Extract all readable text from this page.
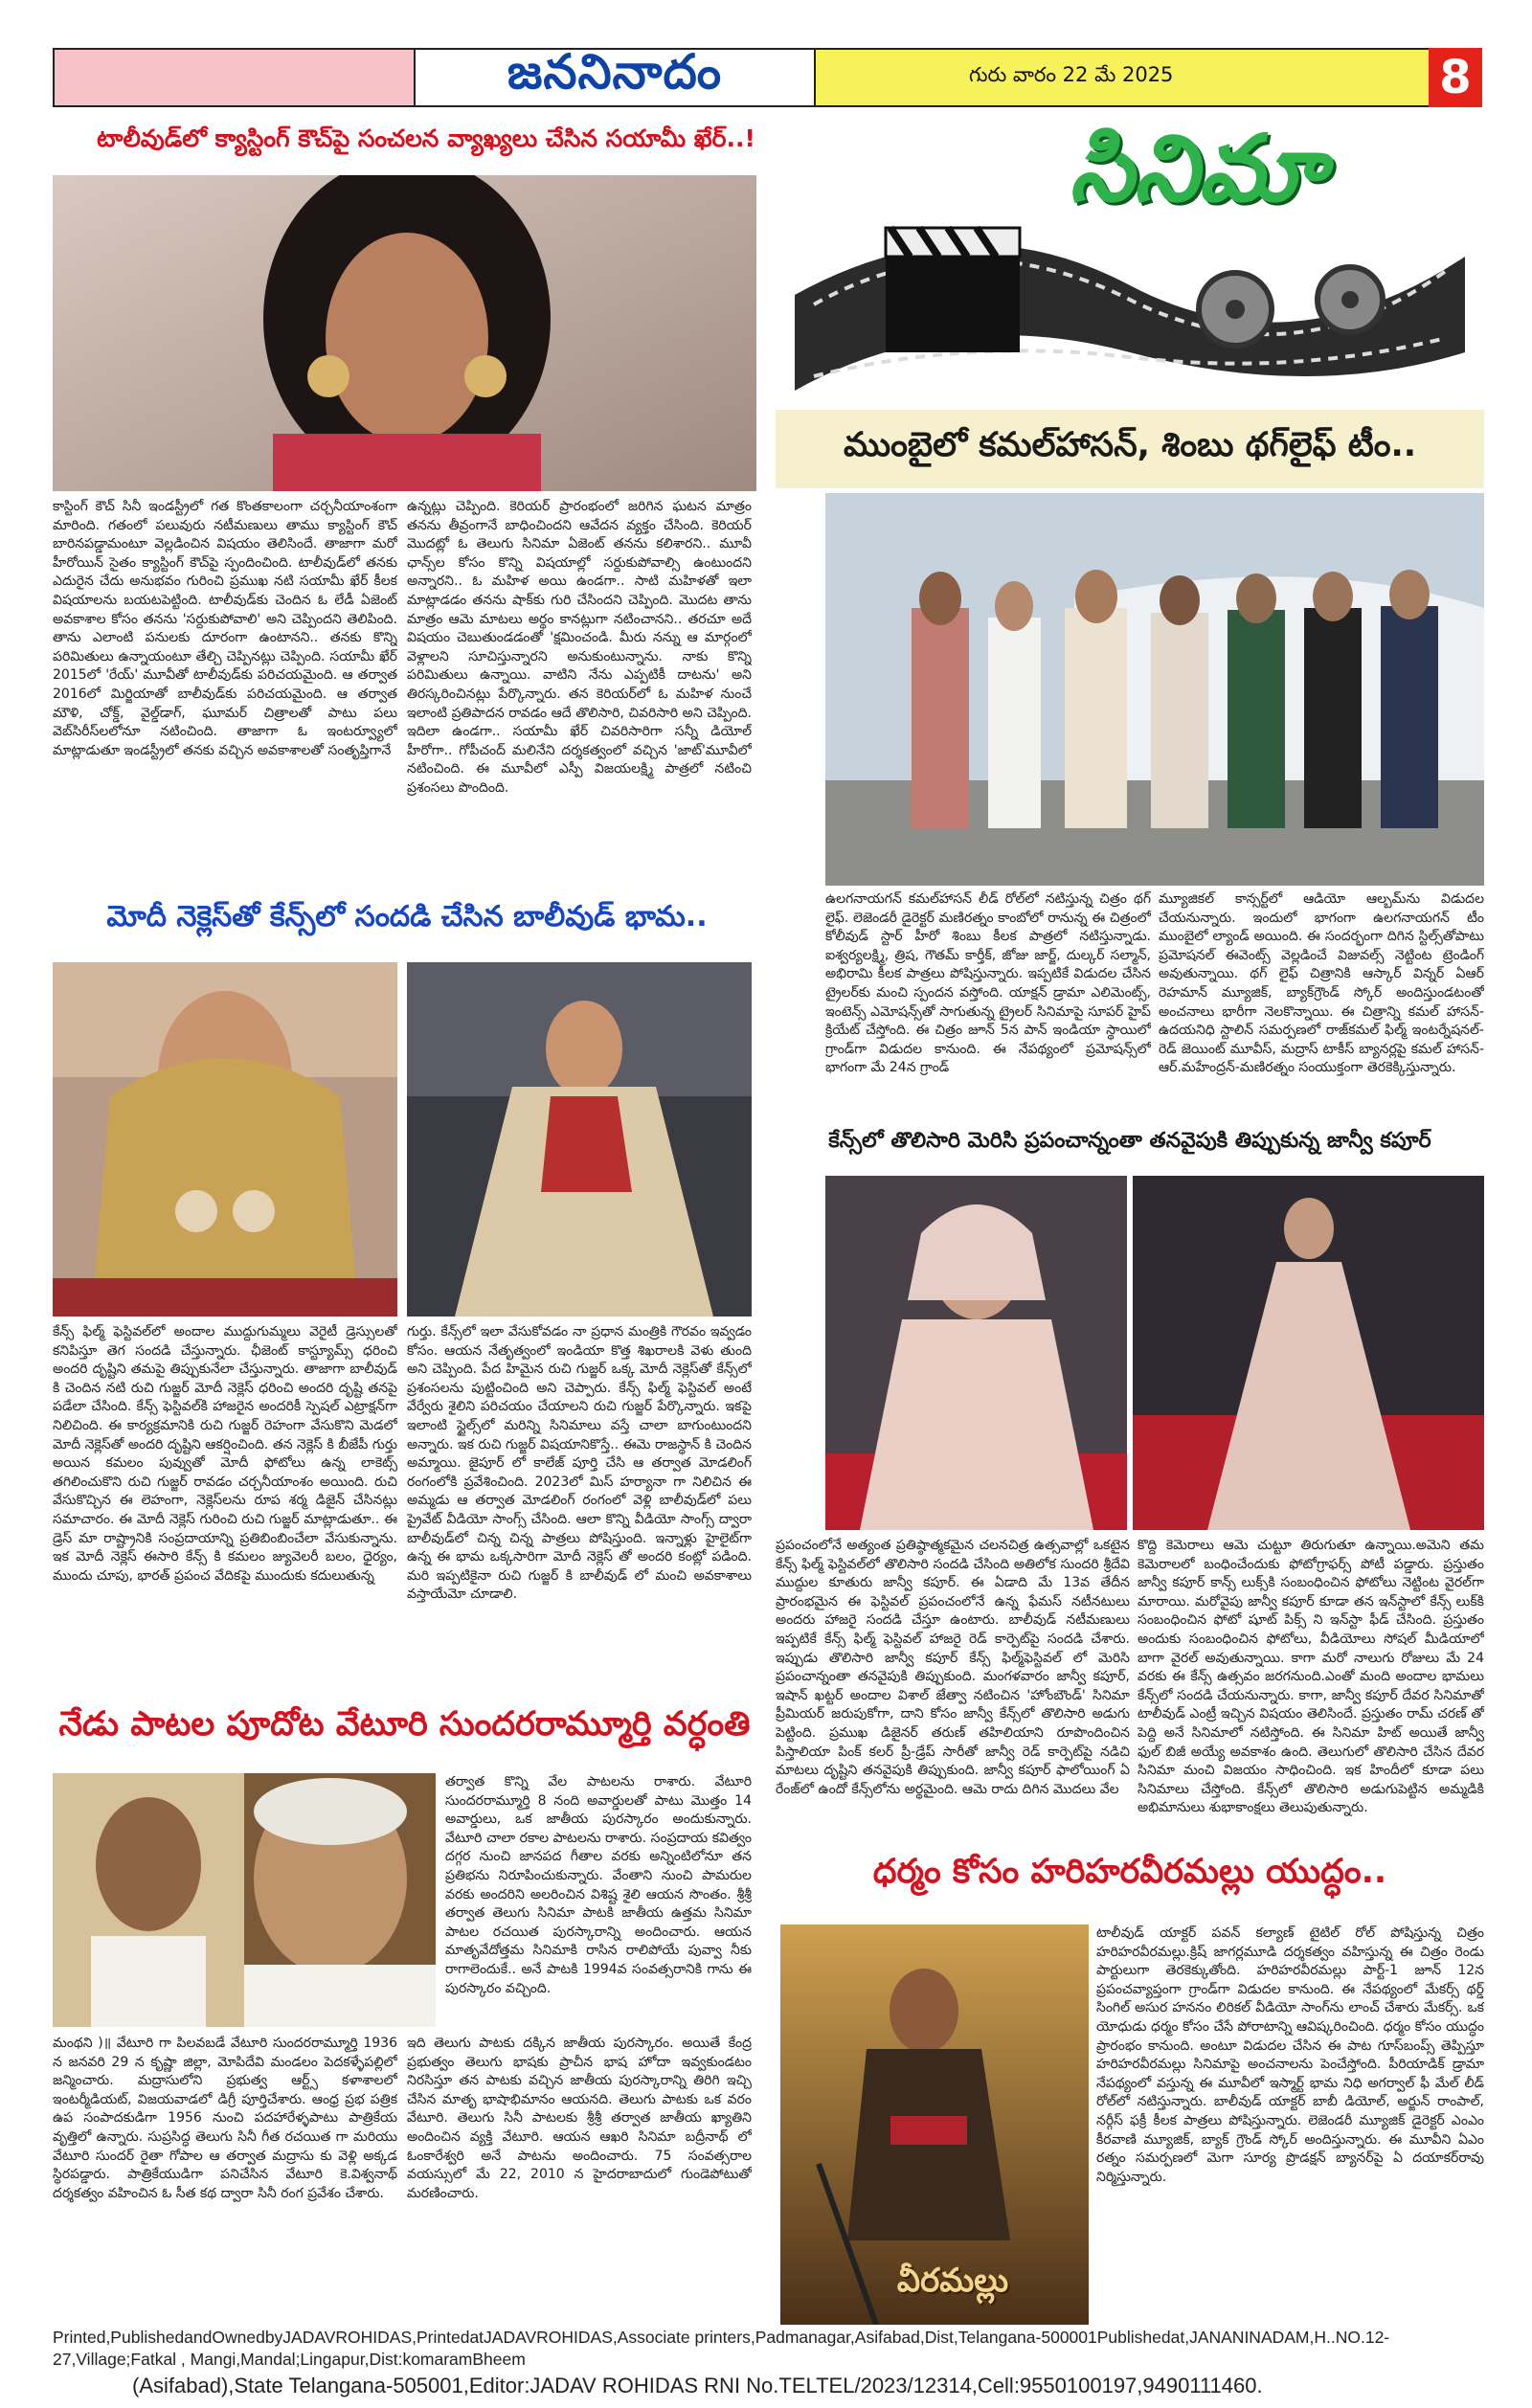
జననినాదం	గురు వారం 22 మే 2025	8
టాలీవుడ్‌లో క్యాస్టింగ్ కౌచ్‌పై సంచలన వ్యాఖ్యలు చేసిన సయామీ ఖేర్..!
కాస్టింగ్ కౌచ్ సినీ ఇండస్ట్రీలో గత కొంతకాలంగా చర్చనీయాంశంగా మారింది. గతంలో పలువురు నటీమణులు తాము క్యాస్టింగ్ కౌచ్ బారినపడ్డామంటూ వెల్లడించిన విషయం తెలిసిందే. తాజాగా మరో హీరోయిన్ సైతం క్యాస్టింగ్ కౌచ్‌పై స్పందించింది. టాలీవుడ్‌లో తనకు ఎదురైన చేదు అనుభవం గురించి ప్రముఖ నటి సయామీ ఖేర్ కీలక విషయాలను బయటపెట్టింది. టాలీవుడ్‌కు చెందిన ఓ లేడీ ఏజెంట్ అవకాశాల కోసం తనను 'సర్దుకుపోవాలి' అని చెప్పిందని తెలిపింది. తాను ఎలాంటి పనులకు దూరంగా ఉంటానని.. తనకు కొన్ని పరిమితులు ఉన్నాయంటూ తేల్చి చెప్పినట్లు చెప్పింది. సయామీ ఖేర్ 2015లో 'రేయ్' మూవీతో టాలీవుడ్‌కు పరిచయమైంది. ఆ తర్వాత 2016లో మిర్జియాతో బాలీవుడ్‌కు పరిచయమైంది. ఆ తర్వాత మౌళి, చోక్డ్, వైల్డ్‌డాగ్, ఘూమర్ చిత్రాలతో పాటు పలు వెబ్‌సిరీస్‌లలోనూ నటించింది. తాజాగా ఓ ఇంటర్వ్యూలో మాట్లాడుతూ ఇండస్ట్రీలో తనకు వచ్చిన అవకాశాలతో సంతృప్తిగానే
ఉన్నట్లు చెప్పింది. కెరియర్ ప్రారంభంలో జరిగిన ఘటన మాత్రం తనను తీవ్రంగానే బాధించిందని ఆవేదన వ్యక్తం చేసింది. కెరియర్ మొదట్లో ఓ తెలుగు సినిమా ఏజెంట్ తనను కలిశారని.. మూవీ ఛాన్స్‌ల కోసం కొన్ని విషయాల్లో సర్దుకుపోవాల్సి ఉంటుందని అన్నారని.. ఓ మహిళ అయి ఉండగా.. సాటి మహిళతో ఇలా మాట్లాడడం తనను షాక్‌కు గురి చేసిందని చెప్పింది. మొదట తాను మాత్రం ఆమె మాటలు అర్థం కానట్లుగా నటించానని.. తరచూ అదే విషయం చెబుతుండడంతో 'క్షమించండి. మీరు నన్ను ఆ మార్గంలో వెళ్లాలని సూచిస్తున్నారని అనుకుంటున్నాను. నాకు కొన్ని పరిమితులు ఉన్నాయి. వాటిని నేను ఎప్పటికీ దాటను' అని తిరస్కరించినట్లు పేర్కొన్నారు. తన కెరియర్‌లో ఓ మహిళ నుంచే ఇలాంటి ప్రతిపాదన రావడం ఆదే తొలిసారి, చివరిసారి అని చెప్పింది. ఇదిలా ఉండగా.. సయామీ ఖేర్ చివరిసారిగా సన్నీ డియోల్ హీరోగా.. గోపీచంద్ మలినేని దర్శకత్వంలో వచ్చిన 'జాట్'మూవీలో నటించింది. ఈ మూవీలో ఎస్పీ విజయలక్ష్మి పాత్రలో నటించి ప్రశంసలు పొందింది.
మోదీ నెక్లెస్‌తో కేన్స్‌లో సందడి చేసిన బాలీవుడ్ భామ..
కేన్స్ ఫిల్మ్ ఫెస్టివల్‌లో అందాల ముద్దుగుమ్మలు వెరైటీ డ్రెస్సులతో కనిపిస్తూ తెగ సందడి చేస్తున్నారు. ఛీజెంట్ కాస్ట్యూమ్స్ ధరించి అందరి దృష్టిని తమపై తిప్పుకునేలా చేస్తున్నారు. తాజాగా బాలీవుడ్ కి చెందిన నటి రుచి గుజ్జర్ మోదీ నెక్లెస్ ధరించి అందరి దృష్టి తనపై పడేలా చేసింది. కేన్స్ ఫెస్టివల్‌కి హాజరైన అందరికీ స్పెషల్ ఎట్రాక్షన్‌గా నిలిచింది. ఈ కార్యక్రమానికి రుచి గుజ్జర్ రెహంగా వేసుకొని మెడలో మోదీ నెక్లెస్‌తో అందరి దృష్టిని ఆకర్షించింది. తన నెక్లెస్ కి బీజేపీ గుర్తు అయిన కమలం పువ్వుతో మోదీ ఫోటోలు ఉన్న లాకెట్స్ తగిలించుకొని రుచి గుజ్జర్ రావడం చర్చనీయాంశం అయింది. రుచి వేసుకొచ్చిన ఈ లెహంగా, నెక్లెస్‌లను రూప శర్మ డిజైన్ చేసినట్లు సమాచారం. ఈ మోదీ నెక్లెస్ గురించి రుచి గుజ్జర్ మాట్లాడుతూ.. ఈ డ్రెస్ మా రాష్ట్రానికి సంప్రదాయాన్ని ప్రతిబింబించేలా వేసుకున్నాను. ఇక మోదీ నెక్లెస్ ఈసారి కేన్స్ కి కమలం జ్యువెలరీ బలం, ధైర్యం, ముందు చూపు, భారత్ ప్రపంచ వేదికపై ముందుకు కదులుతున్న
గుర్తు. కేన్స్‌లో ఇలా వేసుకోవడం నా ప్రధాన మంత్రికి గౌరవం ఇవ్వడం కోసం. ఆయన నేతృత్వంలో ఇండియా కొత్త శిఖరాలకి వెళు తుంది అని చెప్పింది. పేద హిమైన రుచి గుజ్జర్ ఒక్క మోదీ నెక్లెస్‌తో కేన్స్‌లో ప్రశంసలను పుట్టించింది అని చెప్పారు. కేన్స్ ఫిల్మ్ ఫెస్టివల్‌ అంటే వేర్వేరు శైలిని పరిచయం చేయాలని రుచి గుజ్జర్ పేర్కొన్నారు. ఇకపై ఇలాంటి స్టైల్స్‌లో మరిన్ని సినిమాలు వస్తే చాలా బాగుంటుందని అన్నారు. ఇక రుచి గుజ్జర్ విషయానికొస్తే.. ఈమె రాజస్థాన్ కి చెందిన అమ్మాయి. జైపూర్ లో కాలేజ్ పూర్తి చేసి ఆ తర్వాత మోడలింగ్ రంగంలోకి ప్రవేశించింది. 2023లో మిస్ హర్యానా గా నిలిచిన ఈ అమ్మడు ఆ తర్వాత మోడలింగ్ రంగంలో వెళ్లి బాలీవుడ్‌లో పలు ప్రైవేట్ వీడియో సాంగ్స్ చేసింది. ఆలా కొన్ని వీడియో సాంగ్స్ ద్వారా బాలీవుడ్‌లో చిన్న చిన్న పాత్రలు పోషిస్తుంది. ఇన్నాళ్లు హైలైట్‌గా ఉన్న ఈ భామ ఒక్కసారిగా మోదీ నెక్లెస్ తో అందరి కంట్లో పడింది. మరి ఇప్పటికైనా రుచి గుజ్జర్ కి బాలీవుడ్ లో మంచి అవకాశాలు వస్తాయేమో చూడాలి.
నేడు పాటల పూదోట వేటూరి సుందరరామ్మూర్తి వర్ధంతి
తర్వాత కొన్ని వేల పాటలను రాశారు. వేటూరి సుందరరామ్మూర్తి 8 నంది అవార్డులతో పాటు మొత్తం 14 అవార్డులు, ఒక జాతీయ పురస్కారం అందుకున్నారు. వేటూరి చాలా రకాల పాటలను రాశారు. సంప్రదాయ కవిత్వం దగ్గర నుంచి జానపద గీతాల వరకు అన్నింటిలోనూ తన ప్రతిభను నిరూపించుకున్నారు. వేంతాని నుంచి పామరుల వరకు అందరిని అలరించిన విశిష్ట శైలి ఆయన సొంతం. శ్రీశ్రీ తర్వాత తెలుగు సినిమా పాటకి జాతీయ ఉత్తమ సినిమా పాటల రచయిత పురస్కారాన్ని అందించారు. ఆయన మాతృవేదోత్తమ సినిమాకి రాసిన రాలిపోయే పువ్వా నీకు రాగాలెందుకే.. అనే పాటకి 1994వ సంవత్సరానికి గాను ఈ పురస్కారం వచ్చింది.
మంథని )॥ వేటూరి గా పిలవబడే వేటూరి సుందరరామ్మూర్తి 1936 న జనవరి 29 న కృష్ణా జిల్లా, మోపిదేవి మండలం పెదకళ్ళేపల్లిలో జన్మించారు. మద్రాసులోని ప్రభుత్వ ఆర్ట్స్ కళాశాలలో ఇంటర్మీడియట్, విజయవాడలో డిగ్రీ పూర్తిచేశారు. ఆంధ్ర ప్రభ పత్రిక ఉప సంపాదకుడిగా 1956 నుంచి పదహారేళ్ళపాటు పాత్రికేయ వృత్తిలో ఉన్నారు. సుప్రసిద్ధ తెలుగు సినీ గీత రచయిత గా మరియు వేటూరి సుందర్ రైతా గోపాల ఆ తర్వాత మద్రాసు కు వెళ్లి అక్కడ స్థిరపడ్డారు. పాత్రికేయుడిగా పనిచేసిన వేటూరి కె.విశ్వనాథ్ దర్శకత్వం వహించిన ఓ సీత కథ ద్వారా సినీ రంగ ప్రవేశం చేశారు.
ఇది తెలుగు పాటకు దక్కిన జాతీయ పురస్కారం. అయితే కేంద్ర ప్రభుత్వం తెలుగు భాషకు ప్రాచీన భాష హోదా ఇవ్వకుండటం నిరసిస్తూ తన పాటకు వచ్చిన జాతీయ పురస్కారాన్ని తిరిగి ఇచ్చి చేసిన మాతృ భాషాభిమానం ఆయనది. తెలుగు పాటకు ఒక వరం వేటూరి. తెలుగు సినీ పాటలకు శ్రీశ్రీ తర్వాత జాతీయ ఖ్యాతిని అందించిన వ్యక్తి వేటూరి. ఆయన ఆఖరి సినిమా బద్రీనాథ్ లో ఓంకారేశ్వరి అనే పాటను అందించారు. 75 సంవత్సరాల వయస్సులో మే 22, 2010 న హైదరాబాదులో గుండెపోటుతో మరణించారు.
సినిమా
ముంబైలో కమల్‌హాసన్, శింబు థగ్‌లైఫ్ టీం..
ఉలగనాయగన్ కమల్‌హాసన్ లీడ్ రోల్‌లో నటిస్తున్న చిత్రం థగ్ లైఫ్. లెజెండరీ డైరెక్టర్ మణిరత్నం కాంబోలో రానున్న ఈ చిత్రంలో కోలీవుడ్ స్టార్ హీరో శింబు కీలక పాత్రలో నటిస్తున్నాడు. ఐశ్వర్యలక్ష్మి, త్రిష, గౌతమ్ కార్తీక్, జోజు జార్జ్, దుల్కర్ సల్మాన్, అభిరామి కీలక పాత్రలు పోషిస్తున్నారు. ఇప్పటికే విడుదల చేసిన ట్రైలర్‌కు మంచి స్పందన వస్తోంది. యాక్షన్ డ్రామా ఎలిమెంట్స్, ఇంటెన్స్ ఎమోషన్స్‌తో సాగుతున్న ట్రైలర్ సినిమాపై సూపర్ హైప్ క్రియేట్ చేస్తోంది. ఈ చిత్రం జూన్ 5న పాన్ ఇండియా స్థాయిలో గ్రాండ్‌గా విడుదల కానుంది. ఈ నేపథ్యంలో ప్రమోషన్స్‌లో భాగంగా మే 24న గ్రాండ్
మ్యూజికల్ కాన్సర్ట్‌లో ఆడియో ఆల్బమ్‌ను విడుదల చేయనున్నారు. ఇందులో భాగంగా ఉలగనాయగన్ టీం ముంబైలో ల్యాండ్ అయింది. ఈ సందర్భంగా దిగిన స్టిల్స్‌తోపాటు ప్రమోషనల్ ఈవెంట్స్ వెల్లడించే విజువల్స్ నెట్టింట ట్రెండింగ్ అవుతున్నాయి. థగ్ లైఫ్ చిత్రానికి ఆస్కార్ విన్నర్ ఏఆర్ రెహమాన్ మ్యూజిక్, బ్యాక్‌గ్రౌండ్ స్కోర్ అందిస్తుండటంతో అంచనాలు భారీగా నెలకొన్నాయి. ఈ చిత్రాన్ని కమల్ హాసన్-ఉదయనిధి స్టాలిన్ సమర్పణలో రాజ్‌కమల్ ఫిల్మ్ ఇంటర్నేషనల్-రెడ్ జెయింట్ మూవీస్, మద్రాస్ టాకీస్ బ్యానర్లపై కమల్ హాసన్-ఆర్‌.మహేంద్రన్-మణిరత్నం సంయుక్తంగా తెరకెక్కిస్తున్నారు.
కేన్స్‌లో తొలిసారి మెరిసి ప్రపంచాన్నంతా తనవైపుకి తిప్పుకున్న జాన్వీ కపూర్
ప్రపంచంలోనే అత్యంత ప్రతిష్ఠాత్మకమైన చలనచిత్ర ఉత్సవాల్లో ఒకటైన కేన్స్ ఫిల్మ్ ఫెస్టివల్‌లో తొలిసారి సందడి చేసింది అతిలోక సుందరి శ్రీదేవి ముద్దుల కూతురు జాన్వీ కపూర్. ఈ ఏడాది మే 13వ తేదీన ప్రారంభమైన ఈ ఫెస్టివల్ ప్రపంచంలోనే ఉన్న ఫేమస్ నటీనటులు అందరు హాజరై సందడి చేస్తూ ఉంటారు. బాలీవుడ్ నటీమణులు ఇప్పటికే కేన్స్ ఫిల్మ్ ఫెస్టివల్ హాజరై రెడ్ కార్పెట్‌పై సందడి చేశారు. ఇప్పుడు తొలిసారి జాన్వీ కపూర్ కేన్స్ ఫిల్మ్‌ఫెస్టివల్ లో మెరిసి ప్రపంచాన్నంతా తనవైపుకి తిప్పుకుంది. మంగళవారం జాన్వీ కపూర్, ఇషాన్ ఖట్టర్ అందాల విశాల్ జేత్వా నటించిన 'హోంబౌండ్' సినిమా ప్రీమియర్ జరుపుకోగా, దాని కోసం జాన్వీ కేన్స్‌లో తొలిసారి అడుగు పెట్టింది. ప్రముఖ డిజైనర్ తరుణ్ తహిలియాని రూపొందించిన పిస్తాలియా పింక్ కలర్ ప్రీ-డ్రేప్‌ సారీతో జాన్వీ రెడ్ కార్పెట్‌పై నడిచి మాటలు దృష్టిని తనవైపుకి తిప్పుకుంది. జాన్వీ కపూర్ ఫాలోయింగ్ ఏ రేంజ్‌లో ఉందో కేన్స్‌లోను అర్థమైంది. ఆమె రాదు దిగిన మొదలు వేల
కొద్ది కెమెరాలు ఆమె చుట్టూ తిరుగుతూ ఉన్నాయి.అమెని తమ కెమెరాలలో బంధించేందుకు ఫోటోగ్రాఫర్స్ పోటీ పడ్డారు. ప్రస్తుతం జాన్వీ కపూర్ కాన్స్ లుక్స్‌కి సంబంధించిన ఫోటోలు నెట్టింట వైరల్‌గా మారాయి. మరోవైపు జాన్వీ కపూర్ కూడా తన ఇన్‌స్టాలో కేన్స్ లుక్‌కి సంబంధించిన ఫోటో షూట్ పిక్స్ ని ఇన్‌స్టా ఫీడ్ చేసింది. ప్రస్తుతం అందుకు సంబంధించిన ఫోటోలు, వీడియోలు సోషల్ మీడియాలో బాగా వైరల్ అవుతున్నాయి. కాగా మరో నాలుగు రోజులు మే 24 వరకు ఈ కేన్స్ ఉత్సవం జరగనుంది.ఎంతో మంది అందాల భామలు కేన్స్‌లో సందడి చేయనున్నారు. కాగా, జాన్వీ కపూర్ దేవర సినిమాతో టాలీవుడ్ ఎంట్రీ ఇచ్చిన విషయం తెలిసిందే. ప్రస్తుతం రామ్ చరణ్ తో పెద్ది అనే సినిమాలో నటిస్తోంది. ఈ సినిమా హిట్ అయితే జాన్వీ ఫుల్ బిజీ అయ్యే అవకాశం ఉంది. తెలుగులో తొలిసారి చేసిన దేవర సినిమా మంచి విజయం సాధించింది. ఇక హిందీలో కూడా పలు సినిమాలు చేస్తోంది. కేన్స్‌లో తొలిసారి అడుగుపెట్టిన అమ్మడికి అభిమానులు శుభాకాంక్షలు తెలుపుతున్నారు.
ధర్మం కోసం హరిహరవీరమల్లు యుద్ధం..
వీరమల్లు
టాలీవుడ్ యాక్టర్ పవన్ కల్యాణ్ టైటిల్ రోల్ పోషిస్తున్న చిత్రం హరిహరవీరమల్లు.క్రిష్ జాగర్లమూడి దర్శకత్వం వహిస్తున్న ఈ చిత్రం రెండు పార్టులుగా తెరకెక్కుతోంది. హరిహరవీరమల్లు పార్ట్-1 జూన్ 12న ప్రపంచవ్యాప్తంగా గ్రాండ్‌గా విడుదల కానుంది. ఈ నేపథ్యంలో మేకర్స్ థర్డ్ సింగిల్ అసుర హననం లిరికల్ వీడియో సాంగ్‌ను లాంచ్ చేశారు మేకర్స్. ఒక యోధుడు ధర్మం కోసం చేసే పోరాటాన్ని ఆవిష్కరించింది. ధర్మం కోసం యుద్ధం ప్రారంభం కానుంది. అంటూ విడుదల చేసిన ఈ పాట గూస్‌బంప్స్ తెప్పిస్తూ హరిహరవీరమల్లు సినిమాపై అంచనాలను పెంచేస్తోంది. పీరియాడిక్ డ్రామా నేపథ్యంలో వస్తున్న ఈ మూవీలో ఇస్మార్ట్ భామ నిధి అగర్వాల్ ఫీ మేల్ లీడ్ రోల్‌లో నటిస్తున్నారు. బాలీవుడ్ యాక్టర్ బాబీ డియోల్, అర్జున్ రాంపాల్, నర్గీస్ ఫక్రీ కీలక పాత్రలు పోషిస్తున్నారు. లెజెండరీ మ్యూజిక్ డైరెక్టర్ ఎంఎం కీరవాణి మ్యూజిక్, బ్యాక్ గ్రౌండ్ స్కోర్ అందిస్తున్నారు. ఈ మూవీని ఏఎం రత్నం సమర్పణలో మెగా సూర్య ప్రొడక్షన్ బ్యానర్‌పై ఏ దయాకర్‌రావు నిర్మిస్తున్నారు.
Printed,PublishedandOwnedbyJADAVROHIDAS,PrintedatJADAVROHIDAS,Associate printers,Padmanagar,Asifabad,Dist,Telangana-500001Publishedat,JANANINADAM,H..NO.12-27,Village;Fatkal , Mangi,Mandal;Lingapur,Dist:komaramBheem
(Asifabad),State Telangana-505001,Editor:JADAV ROHIDAS RNI No.TELTEL/2023/12314,Cell:9550100197,9490111460.
